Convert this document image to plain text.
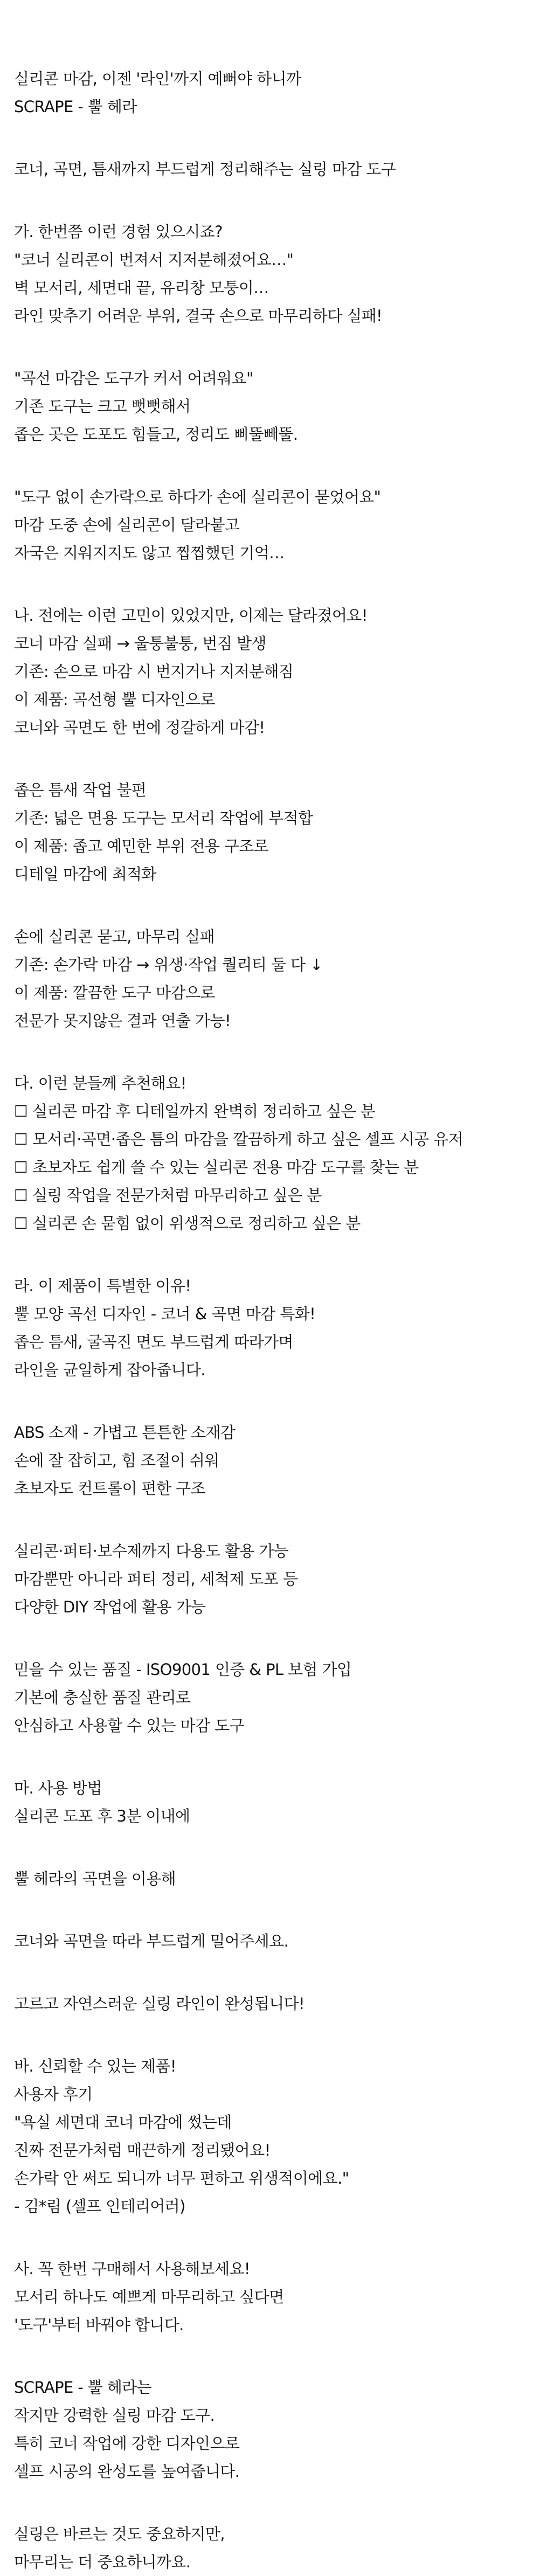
실리콘 마감, 이젠 '라인'까지 예뻐야 하니까
SCRAPE - 뿔 헤라
코너, 곡면, 틈새까지 부드럽게 정리해주는 실링 마감 도구
가. 한번쯤 이런 경험 있으시죠?
"코너 실리콘이 번져서 지저분해졌어요…"
벽 모서리, 세면대 끝, 유리창 모퉁이…
라인 맞추기 어려운 부위, 결국 손으로 마무리하다 실패!
"곡선 마감은 도구가 커서 어려워요"
기존 도구는 크고 뻣뻣해서
좁은 곳은 도포도 힘들고, 정리도 삐뚤빼뚤.
"도구 없이 손가락으로 하다가 손에 실리콘이 묻었어요"
마감 도중 손에 실리콘이 달라붙고
자국은 지워지지도 않고 찝찝했던 기억…
나. 전에는 이런 고민이 있었지만, 이제는 달라졌어요!
코너 마감 실패 → 울퉁불퉁, 번짐 발생
기존: 손으로 마감 시 번지거나 지저분해짐
이 제품: 곡선형 뿔 디자인으로
코너와 곡면도 한 번에 정갈하게 마감!
좁은 틈새 작업 불편
기존: 넓은 면용 도구는 모서리 작업에 부적합
이 제품: 좁고 예민한 부위 전용 구조로
디테일 마감에 최적화
손에 실리콘 묻고, 마무리 실패
기존: 손가락 마감 → 위생·작업 퀄리티 둘 다 ↓
이 제품: 깔끔한 도구 마감으로
전문가 못지않은 결과 연출 가능!
다. 이런 분들께 추천해요!
☐ 실리콘 마감 후 디테일까지 완벽히 정리하고 싶은 분
☐ 모서리·곡면·좁은 틈의 마감을 깔끔하게 하고 싶은 셀프 시공 유저
☐ 초보자도 쉽게 쓸 수 있는 실리콘 전용 마감 도구를 찾는 분
☐ 실링 작업을 전문가처럼 마무리하고 싶은 분
☐ 실리콘 손 묻힘 없이 위생적으로 정리하고 싶은 분
라. 이 제품이 특별한 이유!
뿔 모양 곡선 디자인 - 코너 & 곡면 마감 특화!
좁은 틈새, 굴곡진 면도 부드럽게 따라가며
라인을 균일하게 잡아줍니다.
ABS 소재 - 가볍고 튼튼한 소재감
손에 잘 잡히고, 힘 조절이 쉬워
초보자도 컨트롤이 편한 구조
실리콘·퍼티·보수제까지 다용도 활용 가능
마감뿐만 아니라 퍼티 정리, 세척제 도포 등
다양한 DIY 작업에 활용 가능
믿을 수 있는 품질 - ISO9001 인증 & PL 보험 가입
기본에 충실한 품질 관리로
안심하고 사용할 수 있는 마감 도구
마. 사용 방법
실리콘 도포 후 3분 이내에
뿔 헤라의 곡면을 이용해
코너와 곡면을 따라 부드럽게 밀어주세요.
고르고 자연스러운 실링 라인이 완성됩니다!
바. 신뢰할 수 있는 제품!
사용자 후기
"욕실 세면대 코너 마감에 썼는데
진짜 전문가처럼 매끈하게 정리됐어요!
손가락 안 써도 되니까 너무 편하고 위생적이에요."
- 김*림 (셀프 인테리어러)
사. 꼭 한번 구매해서 사용해보세요!
모서리 하나도 예쁘게 마무리하고 싶다면
'도구'부터 바꿔야 합니다.
SCRAPE - 뿔 헤라는
작지만 강력한 실링 마감 도구.
특히 코너 작업에 강한 디자인으로
셀프 시공의 완성도를 높여줍니다.
실링은 바르는 것도 중요하지만,
마무리는 더 중요하니까요.
